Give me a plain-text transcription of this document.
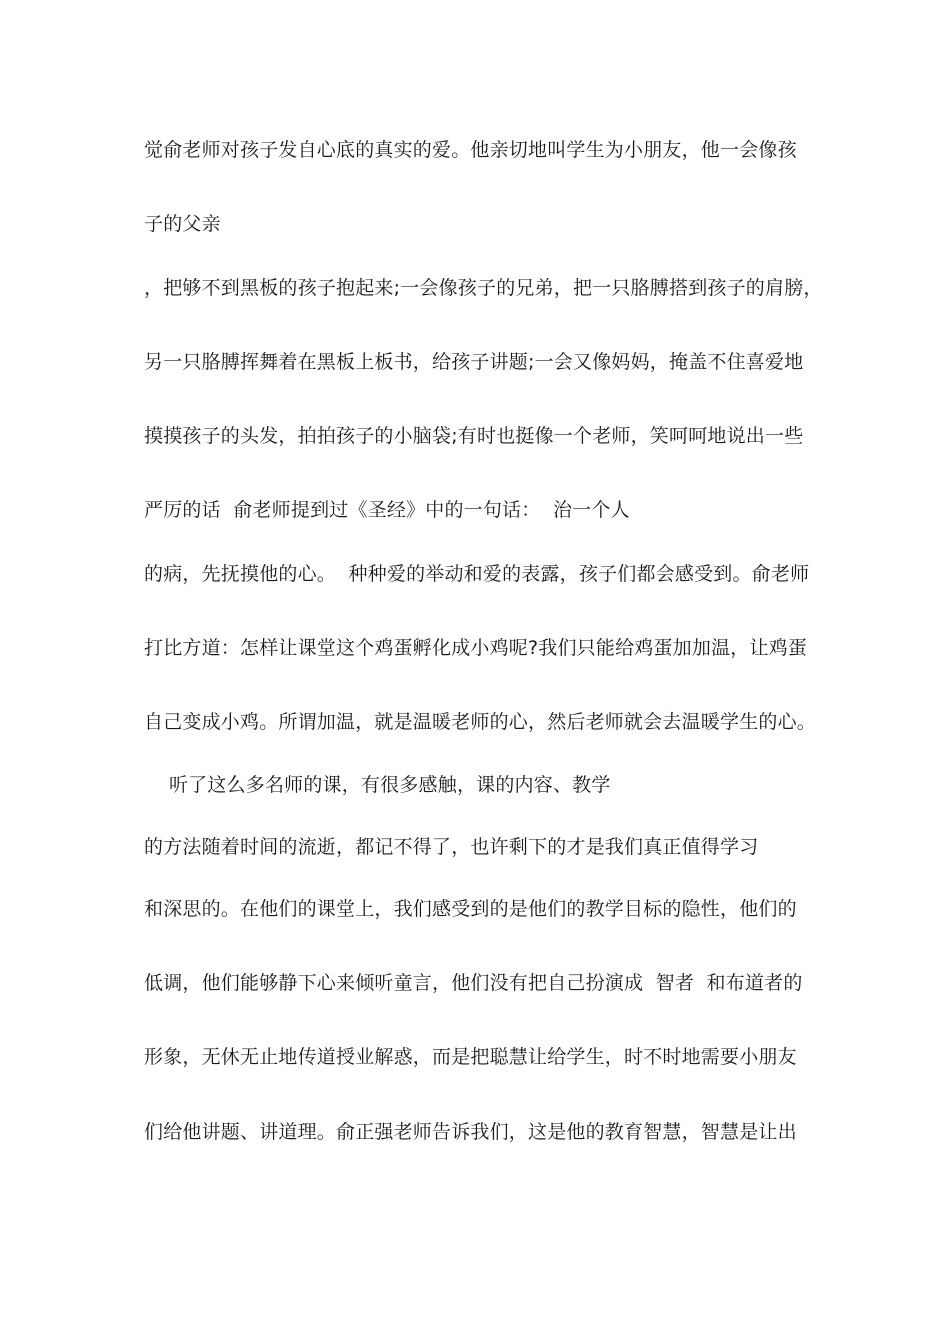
觉俞老师对孩子发自心底的真实的爱。他亲切地叫学生为小朋友，他一会像孩

子的父亲

，把够不到黑板的孩子抱起来;一会像孩子的兄弟，把一只胳膊搭到孩子的肩膀，

另一只胳膊挥舞着在黑板上板书，给孩子讲题;一会又像妈妈，掩盖不住喜爱地

摸摸孩子的头发，拍拍孩子的小脑袋;有时也挺像一个老师，笑呵呵地说出一些

严厉的话  俞老师提到过《圣经》中的一句话：  治一个人

的病，先抚摸他的心。  种种爱的举动和爱的表露，孩子们都会感受到。俞老师

打比方道：怎样让课堂这个鸡蛋孵化成小鸡呢?我们只能给鸡蛋加加温，让鸡蛋

自己变成小鸡。所谓加温，就是温暖老师的心，然后老师就会去温暖学生的心。

听了这么多名师的课，有很多感触，课的内容、教学

的方法随着时间的流逝，都记不得了，也许剩下的才是我们真正值得学习

和深思的。在他们的课堂上，我们感受到的是他们的教学目标的隐性，他们的

低调，他们能够静下心来倾听童言，他们没有把自己扮演成  智者  和布道者的

形象，无休无止地传道授业解惑，而是把聪慧让给学生，时不时地需要小朋友

们给他讲题、讲道理。俞正强老师告诉我们，这是他的教育智慧，智慧是让出
